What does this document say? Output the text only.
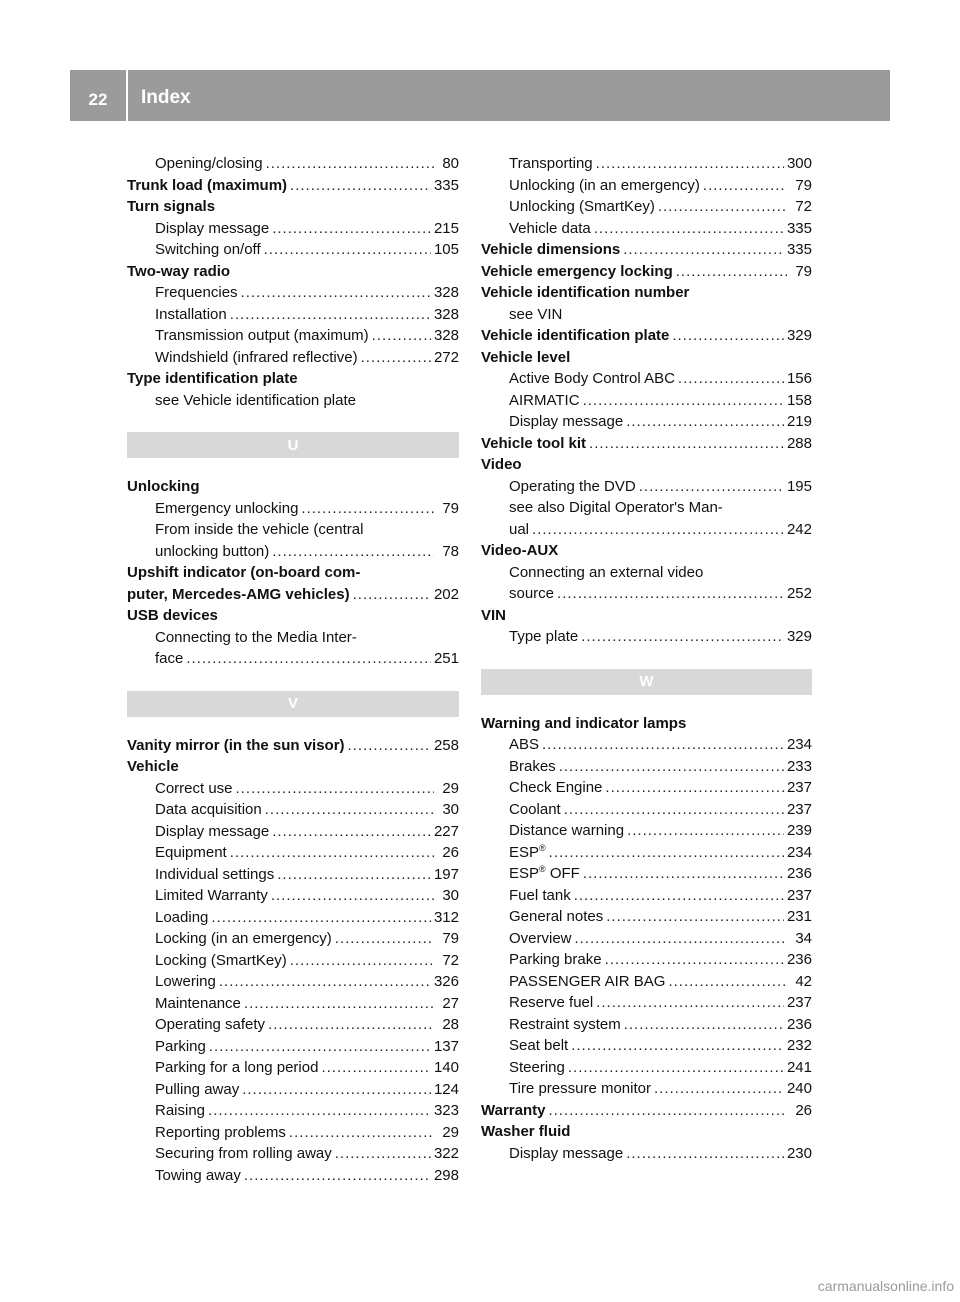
22	Index
Opening/closing .....	80
Trunk load (maximum) .....	335
Turn signals
Display message .....	215
Switching on/off .....	105
Two-way radio
Frequencies .....	328
Installation .....	328
Transmission output (maximum) .....	328
Windshield (infrared reflective) .....	272
Type identification plate
see Vehicle identification plate
U
Unlocking
Emergency unlocking .....	79
From inside the vehicle (central
unlocking button) .....	78
Upshift indicator (on-board com-
puter, Mercedes-AMG vehicles) .....	202
USB devices
Connecting to the Media Inter-
face .....	251
V
Vanity mirror (in the sun visor) .....	258
Vehicle
Correct use .....	29
Data acquisition .....	30
Display message .....	227
Equipment .....	26
Individual settings .....	197
Limited Warranty .....	30
Loading .....	312
Locking (in an emergency) .....	79
Locking (SmartKey) .....	72
Lowering .....	326
Maintenance .....	27
Operating safety .....	28
Parking .....	137
Parking for a long period .....	140
Pulling away .....	124
Raising .....	323
Reporting problems .....	29
Securing from rolling away .....	322
Towing away .....	298
Transporting .....	300
Unlocking (in an emergency) .....	79
Unlocking (SmartKey) .....	72
Vehicle data .....	335
Vehicle dimensions .....	335
Vehicle emergency locking .....	79
Vehicle identification number
see VIN
Vehicle identification plate .....	329
Vehicle level
Active Body Control ABC .....	156
AIRMATIC .....	158
Display message .....	219
Vehicle tool kit .....	288
Video
Operating the DVD .....	195
see also Digital Operator's Man-
ual .....	242
Video-AUX
Connecting an external video
source .....	252
VIN
Type plate .....	329
W
Warning and indicator lamps
ABS .....	234
Brakes .....	233
Check Engine .....	237
Coolant .....	237
Distance warning .....	239
ESP® .....	234
ESP® OFF .....	236
Fuel tank .....	237
General notes .....	231
Overview .....	34
Parking brake .....	236
PASSENGER AIR BAG .....	42
Reserve fuel .....	237
Restraint system .....	236
Seat belt .....	232
Steering .....	241
Tire pressure monitor .....	240
Warranty .....	26
Washer fluid
Display message .....	230
carmanualsonline.info
